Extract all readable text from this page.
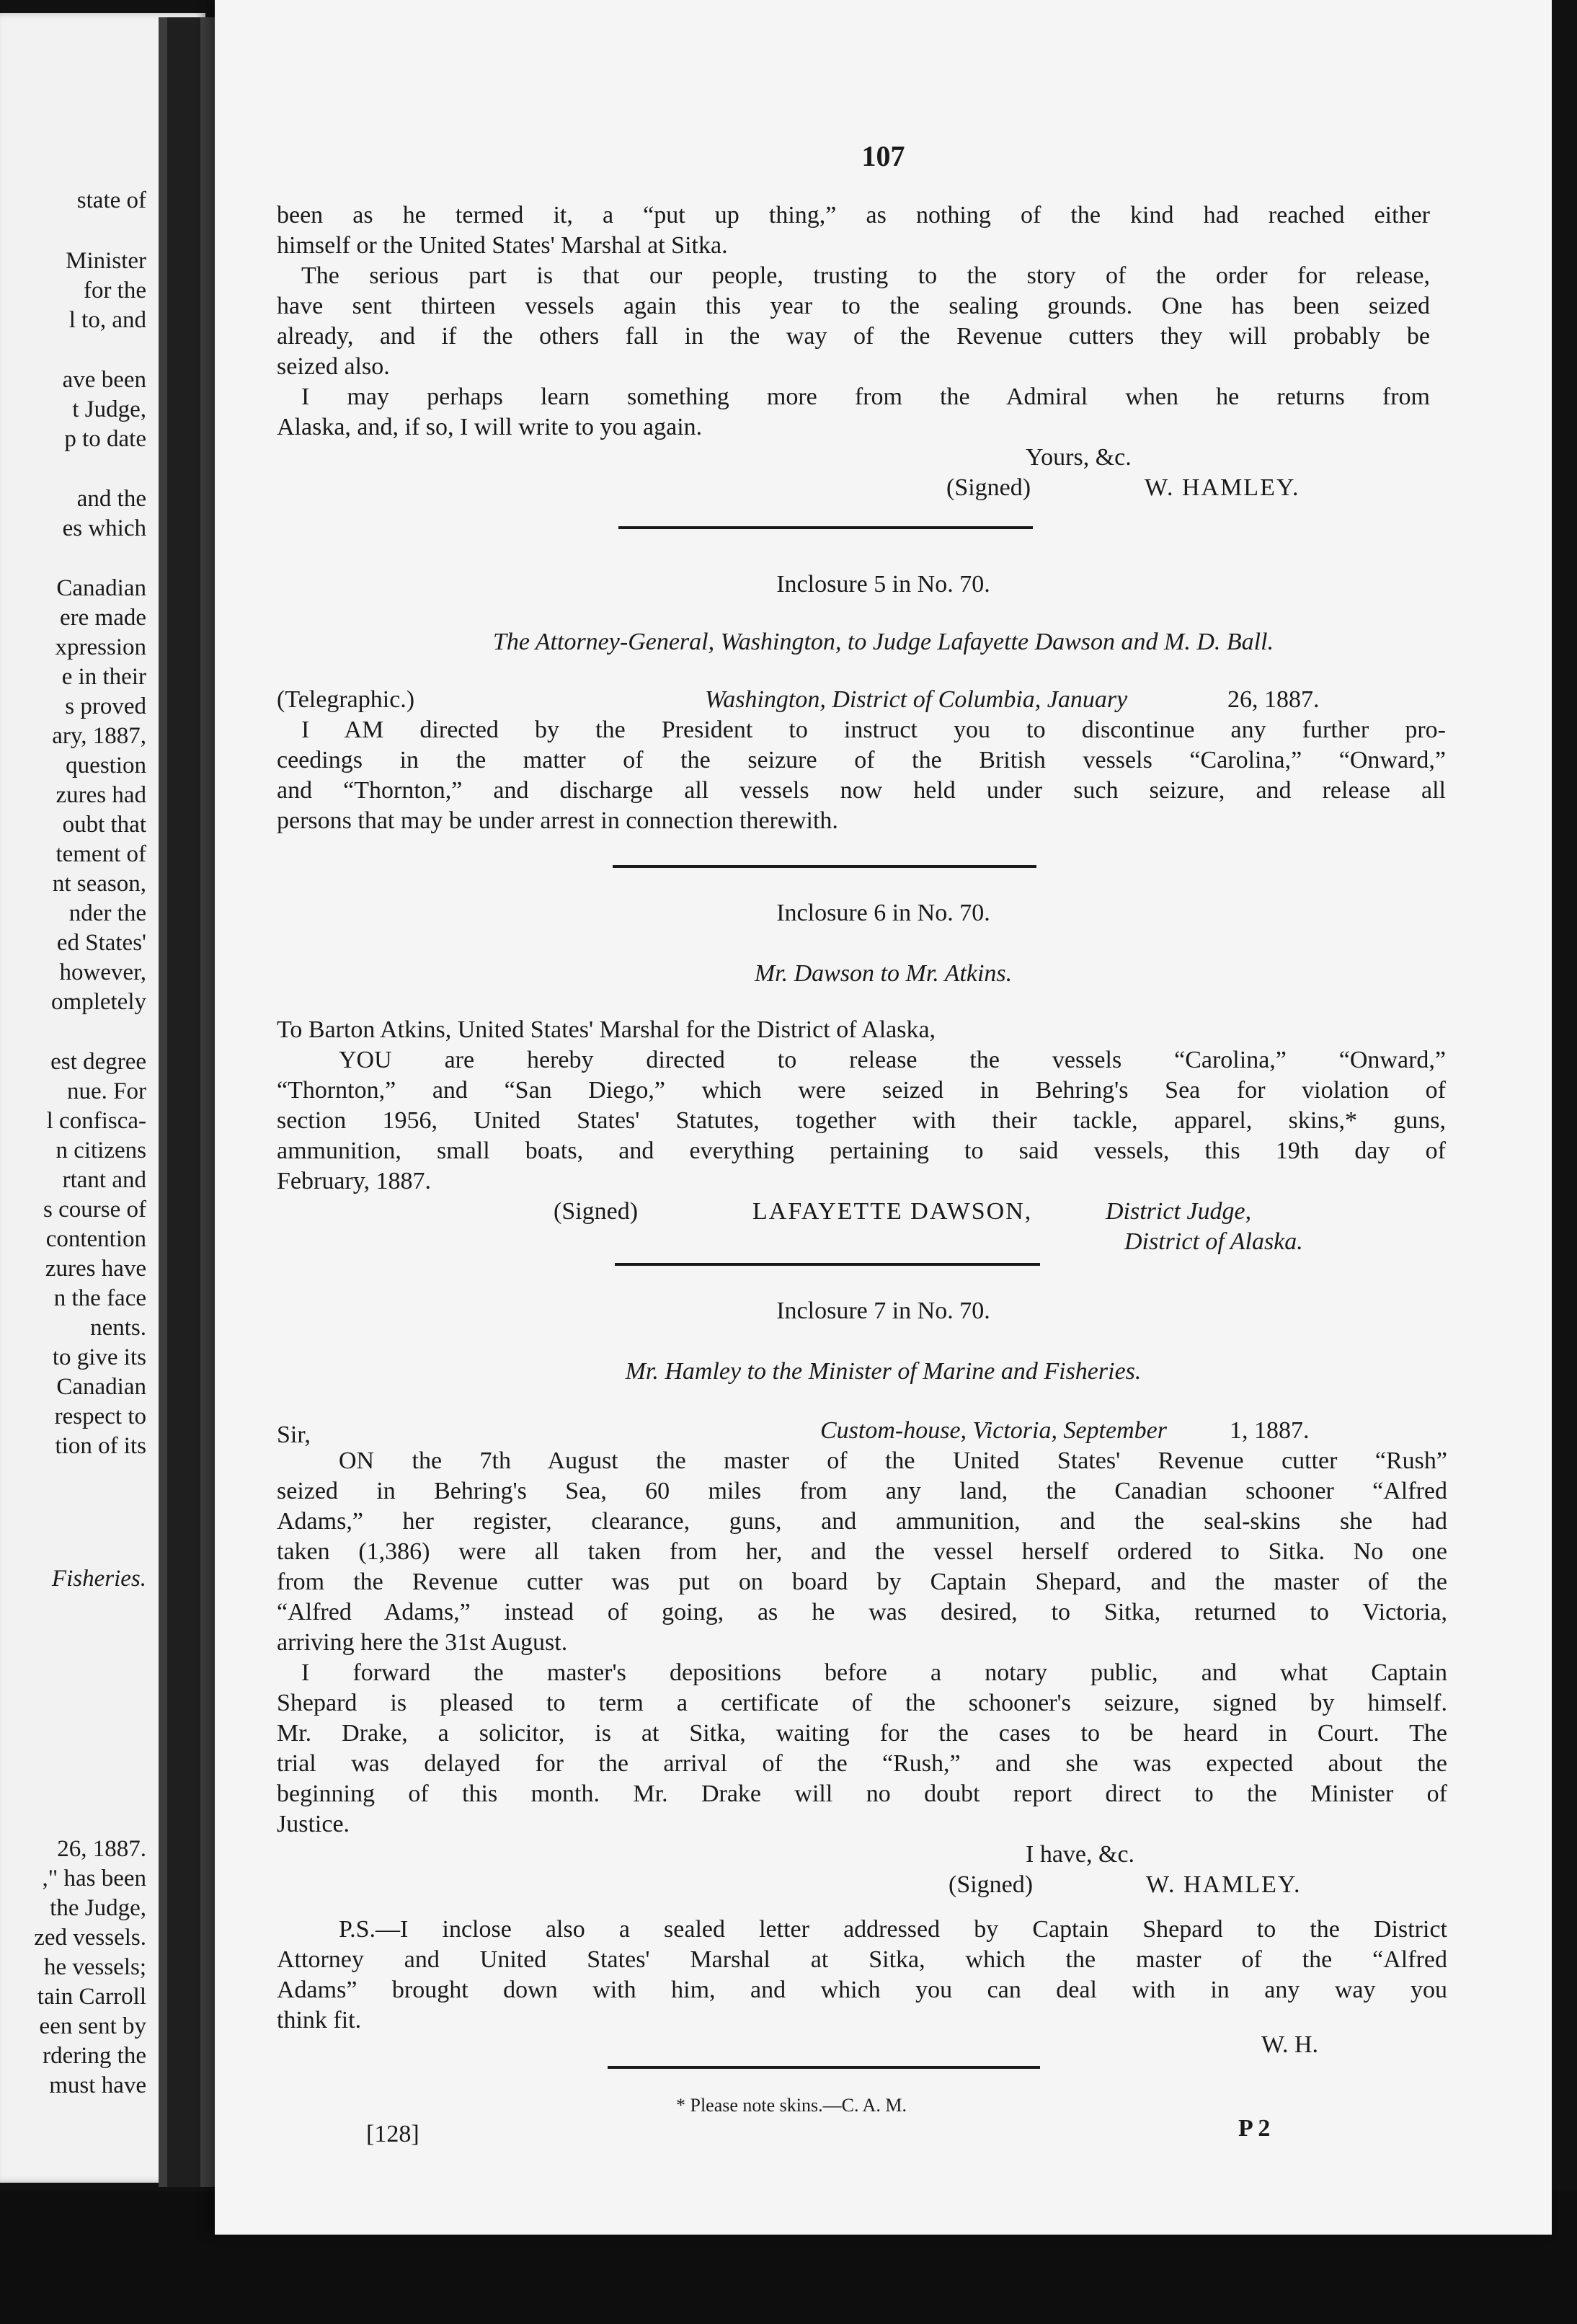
state of
Minister
for the
l to, and
ave been
t Judge,
p to date
and the
es which
Canadian
ere made
xpression
e in their
s proved
ary, 1887,
question
zures had
oubt that
tement of
nt season,
nder the
ed States'
however,
ompletely
est degree
nue. For
l confisca-
n citizens
rtant and
s course of
contention
zures have
n the face
nents.
to give its
Canadian
respect to
tion of its
Fisheries.
26, 1887.
," has been
the Judge,
zed vessels.
he vessels;
tain Carroll
een sent by
rdering the
must have
107
been as he termed it, a “put up thing,” as nothing of the kind had reached either
himself or the United States' Marshal at Sitka.
The serious part is that our people, trusting to the story of the order for release,
have sent thirteen vessels again this year to the sealing grounds. One has been seized
already, and if the others fall in the way of the Revenue cutters they will probably be
seized also.
I may perhaps learn something more from the Admiral when he returns from
Alaska, and, if so, I will write to you again.
Yours, &c.
(Signed)	W. HAMLEY.
Inclosure 5 in No. 70.
The Attorney-General, Washington, to Judge Lafayette Dawson and M. D. Ball.
(Telegraphic.)	Washington, District of Columbia, January	26, 1887.
I AM directed by the President to instruct you to discontinue any further pro-
ceedings in the matter of the seizure of the British vessels “Carolina,” “Onward,”
and “Thornton,” and discharge all vessels now held under such seizure, and release all
persons that may be under arrest in connection therewith.
Inclosure 6 in No. 70.
Mr. Dawson to Mr. Atkins.
To Barton Atkins, United States' Marshal for the District of Alaska,
YOU are hereby directed to release the vessels “Carolina,” “Onward,”
“Thornton,” and “San Diego,” which were seized in Behring's Sea for violation of
section 1956, United States' Statutes, together with their tackle, apparel, skins,* guns,
ammunition, small boats, and everything pertaining to said vessels, this 19th day of
February, 1887.
(Signed)	LAFAYETTE DAWSON,	District Judge,
District of Alaska.
Inclosure 7 in No. 70.
Mr. Hamley to the Minister of Marine and Fisheries.
Sir,	Custom-house, Victoria, September	1, 1887.
ON the 7th August the master of the United States' Revenue cutter “Rush”
seized in Behring's Sea, 60 miles from any land, the Canadian schooner “Alfred
Adams,” her register, clearance, guns, and ammunition, and the seal-skins she had
taken (1,386) were all taken from her, and the vessel herself ordered to Sitka. No one
from the Revenue cutter was put on board by Captain Shepard, and the master of the
“Alfred Adams,” instead of going, as he was desired, to Sitka, returned to Victoria,
arriving here the 31st August.
I forward the master's depositions before a notary public, and what Captain
Shepard is pleased to term a certificate of the schooner's seizure, signed by himself.
Mr. Drake, a solicitor, is at Sitka, waiting for the cases to be heard in Court. The
trial was delayed for the arrival of the “Rush,” and she was expected about the
beginning of this month. Mr. Drake will no doubt report direct to the Minister of
Justice.
I have, &c.
(Signed)	W. HAMLEY.
P.S.—I inclose also a sealed letter addressed by Captain Shepard to the District
Attorney and United States' Marshal at Sitka, which the master of the “Alfred
Adams” brought down with him, and which you can deal with in any way you
think fit.
W. H.
* Please note skins.—C. A. M.
[128]	P 2
